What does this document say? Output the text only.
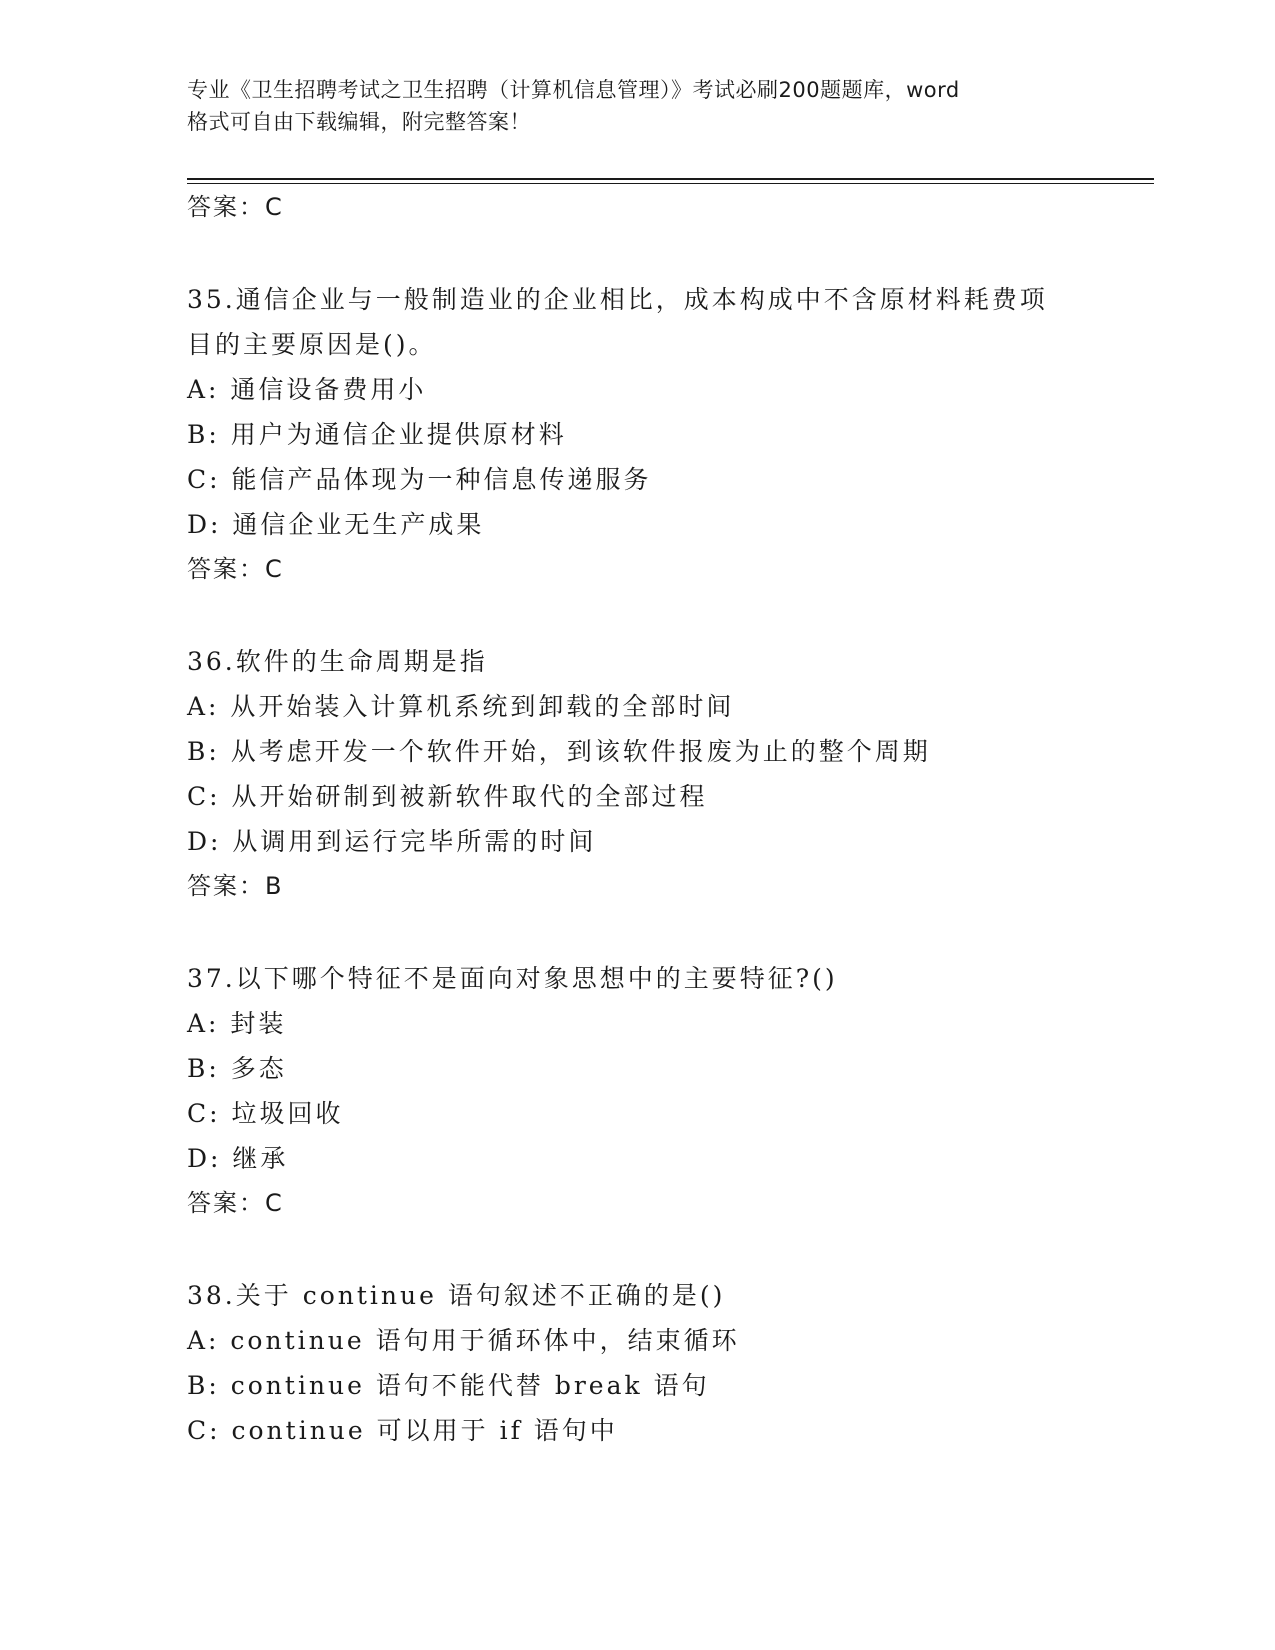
专业《卫生招聘考试之卫生招聘（计算机信息管理）》考试必刷200题题库，word
格式可自由下载编辑，附完整答案！
答案：C

35.通信企业与一般制造业的企业相比，成本构成中不含原材料耗费项

目的主要原因是()。

A: 通信设备费用小

B: 用户为通信企业提供原材料

C: 能信产品体现为一种信息传递服务

D: 通信企业无生产成果

答案：C

36.软件的生命周期是指

A: 从开始装入计算机系统到卸载的全部时间

B: 从考虑开发一个软件开始，到该软件报废为止的整个周期

C: 从开始研制到被新软件取代的全部过程

D: 从调用到运行完毕所需的时间

答案：B

37.以下哪个特征不是面向对象思想中的主要特征?()

A: 封装

B: 多态

C: 垃圾回收

D: 继承

答案：C

38.关于 continue 语句叙述不正确的是()

A: continue 语句用于循环体中，结束循环

B: continue 语句不能代替 break 语句

C: continue 可以用于 if 语句中
